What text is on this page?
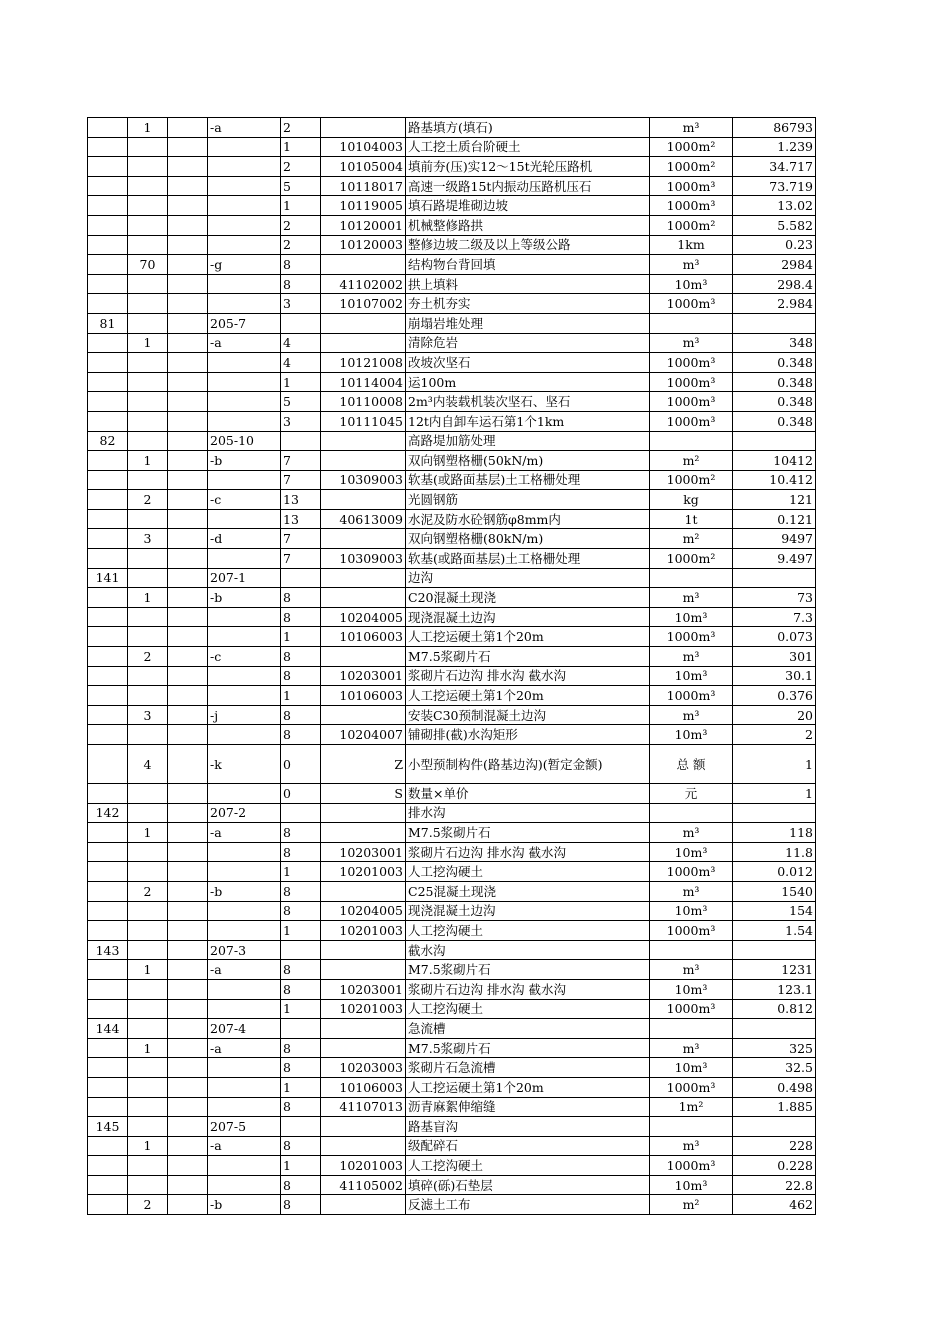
	1		-a	2		路基填方(填石)	m³	86793
				1	10104003	人工挖土质台阶硬土	1000m²	1.239
				2	10105004	填前夯(压)实12～15t光轮压路机	1000m²	34.717
				5	10118017	高速一级路15t内振动压路机压石	1000m³	73.719
				1	10119005	填石路堤堆砌边坡	1000m³	13.02
				2	10120001	机械整修路拱	1000m²	5.582
				2	10120003	整修边坡二级及以上等级公路	1km	0.23
	70		-g	8		结构物台背回填	m³	2984
				8	41102002	拱上填料	10m³	298.4
				3	10107002	夯土机夯实	1000m³	2.984
81			205-7			崩塌岩堆处理		
	1		-a	4		清除危岩	m³	348
				4	10121008	改坡次坚石	1000m³	0.348
				1	10114004	运100m	1000m³	0.348
				5	10110008	2m³内装载机装次坚石、坚石	1000m³	0.348
				3	10111045	12t内自卸车运石第1个1km	1000m³	0.348
82			205-10			高路堤加筋处理		
	1		-b	7		双向钢塑格栅(50kN/m)	m²	10412
				7	10309003	软基(或路面基层)土工格栅处理	1000m²	10.412
	2		-c	13		光圆钢筋	kg	121
				13	40613009	水泥及防水砼钢筋φ8mm内	1t	0.121
	3		-d	7		双向钢塑格栅(80kN/m)	m²	9497
				7	10309003	软基(或路面基层)土工格栅处理	1000m²	9.497
141			207-1			边沟		
	1		-b	8		C20混凝土现浇	m³	73
				8	10204005	现浇混凝土边沟	10m³	7.3
				1	10106003	人工挖运硬土第1个20m	1000m³	0.073
	2		-c	8		M7.5浆砌片石	m³	301
				8	10203001	浆砌片石边沟 排水沟 截水沟	10m³	30.1
				1	10106003	人工挖运硬土第1个20m	1000m³	0.376
	3		-j	8		安装C30预制混凝土边沟	m³	20
				8	10204007	铺砌排(截)水沟矩形	10m³	2
	4		-k	0	Z	小型预制构件(路基边沟)(暂定金额)	总 额	1
				0	S	数量×单价	元	1
142			207-2			排水沟		
	1		-a	8		M7.5浆砌片石	m³	118
				8	10203001	浆砌片石边沟 排水沟 截水沟	10m³	11.8
				1	10201003	人工挖沟硬土	1000m³	0.012
	2		-b	8		C25混凝土现浇	m³	1540
				8	10204005	现浇混凝土边沟	10m³	154
				1	10201003	人工挖沟硬土	1000m³	1.54
143			207-3			截水沟		
	1		-a	8		M7.5浆砌片石	m³	1231
				8	10203001	浆砌片石边沟 排水沟 截水沟	10m³	123.1
				1	10201003	人工挖沟硬土	1000m³	0.812
144			207-4			急流槽		
	1		-a	8		M7.5浆砌片石	m³	325
				8	10203003	浆砌片石急流槽	10m³	32.5
				1	10106003	人工挖运硬土第1个20m	1000m³	0.498
				8	41107013	沥青麻絮伸缩缝	1m²	1.885
145			207-5			路基盲沟		
	1		-a	8		级配碎石	m³	228
				1	10201003	人工挖沟硬土	1000m³	0.228
				8	41105002	填碎(砾)石垫层	10m³	22.8
	2		-b	8		反滤土工布	m²	462
